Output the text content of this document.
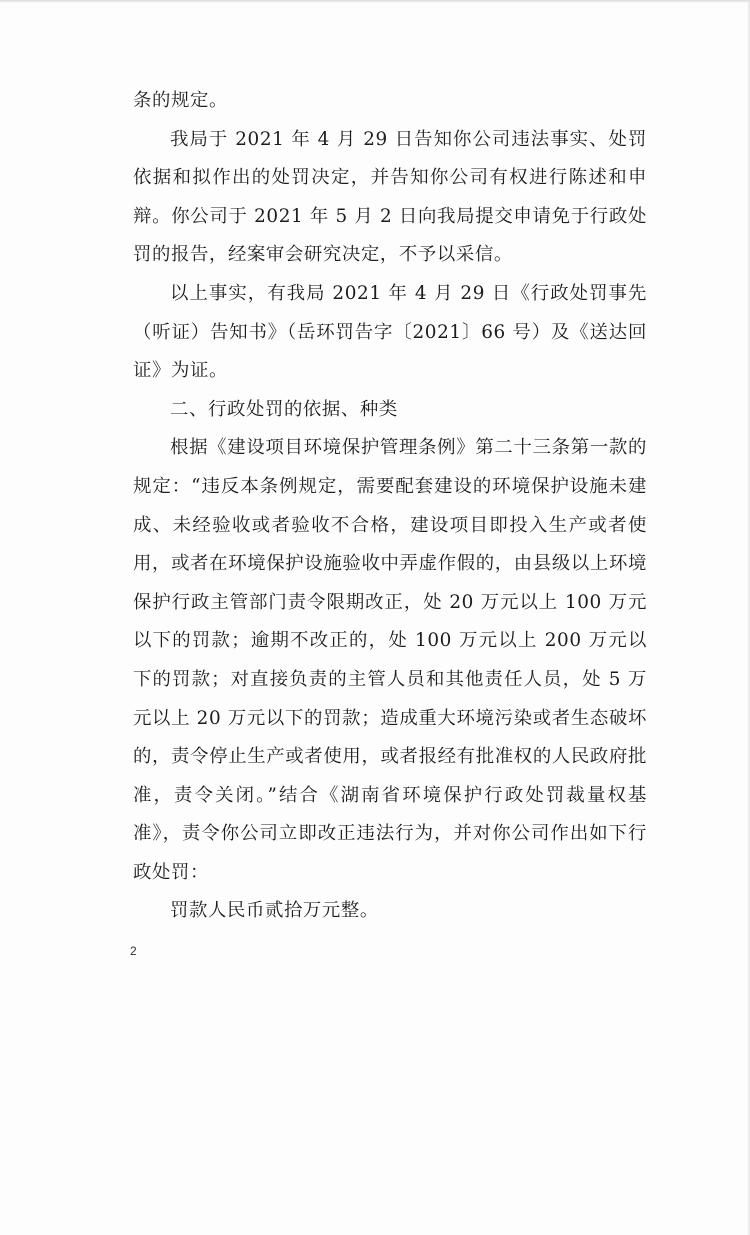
条的规定。

我局于 2021 年 4 月 29 日告知你公司违法事实、处罚依据和拟作出的处罚决定，并告知你公司有权进行陈述和申辩。你公司于 2021 年 5 月 2 日向我局提交申请免于行政处罚的报告，经案审会研究决定，不予以采信。

以上事实，有我局 2021 年 4 月 29 日《行政处罚事先（听证）告知书》（岳环罚告字〔2021〕66 号）及《送达回证》为证。

二、行政处罚的依据、种类

根据《建设项目环境保护管理条例》第二十三条第一款的规定：“违反本条例规定，需要配套建设的环境保护设施未建成、未经验收或者验收不合格，建设项目即投入生产或者使用，或者在环境保护设施验收中弄虚作假的，由县级以上环境保护行政主管部门责令限期改正，处 20 万元以上 100 万元以下的罚款；逾期不改正的，处 100 万元以上 200 万元以下的罚款；对直接负责的主管人员和其他责任人员，处 5 万元以上 20 万元以下的罚款；造成重大环境污染或者生态破坏的，责令停止生产或者使用，或者报经有批准权的人民政府批准，责令关闭。”结合《湖南省环境保护行政处罚裁量权基准》，责令你公司立即改正违法行为，并对你公司作出如下行政处罚：

罚款人民币贰拾万元整。

2
